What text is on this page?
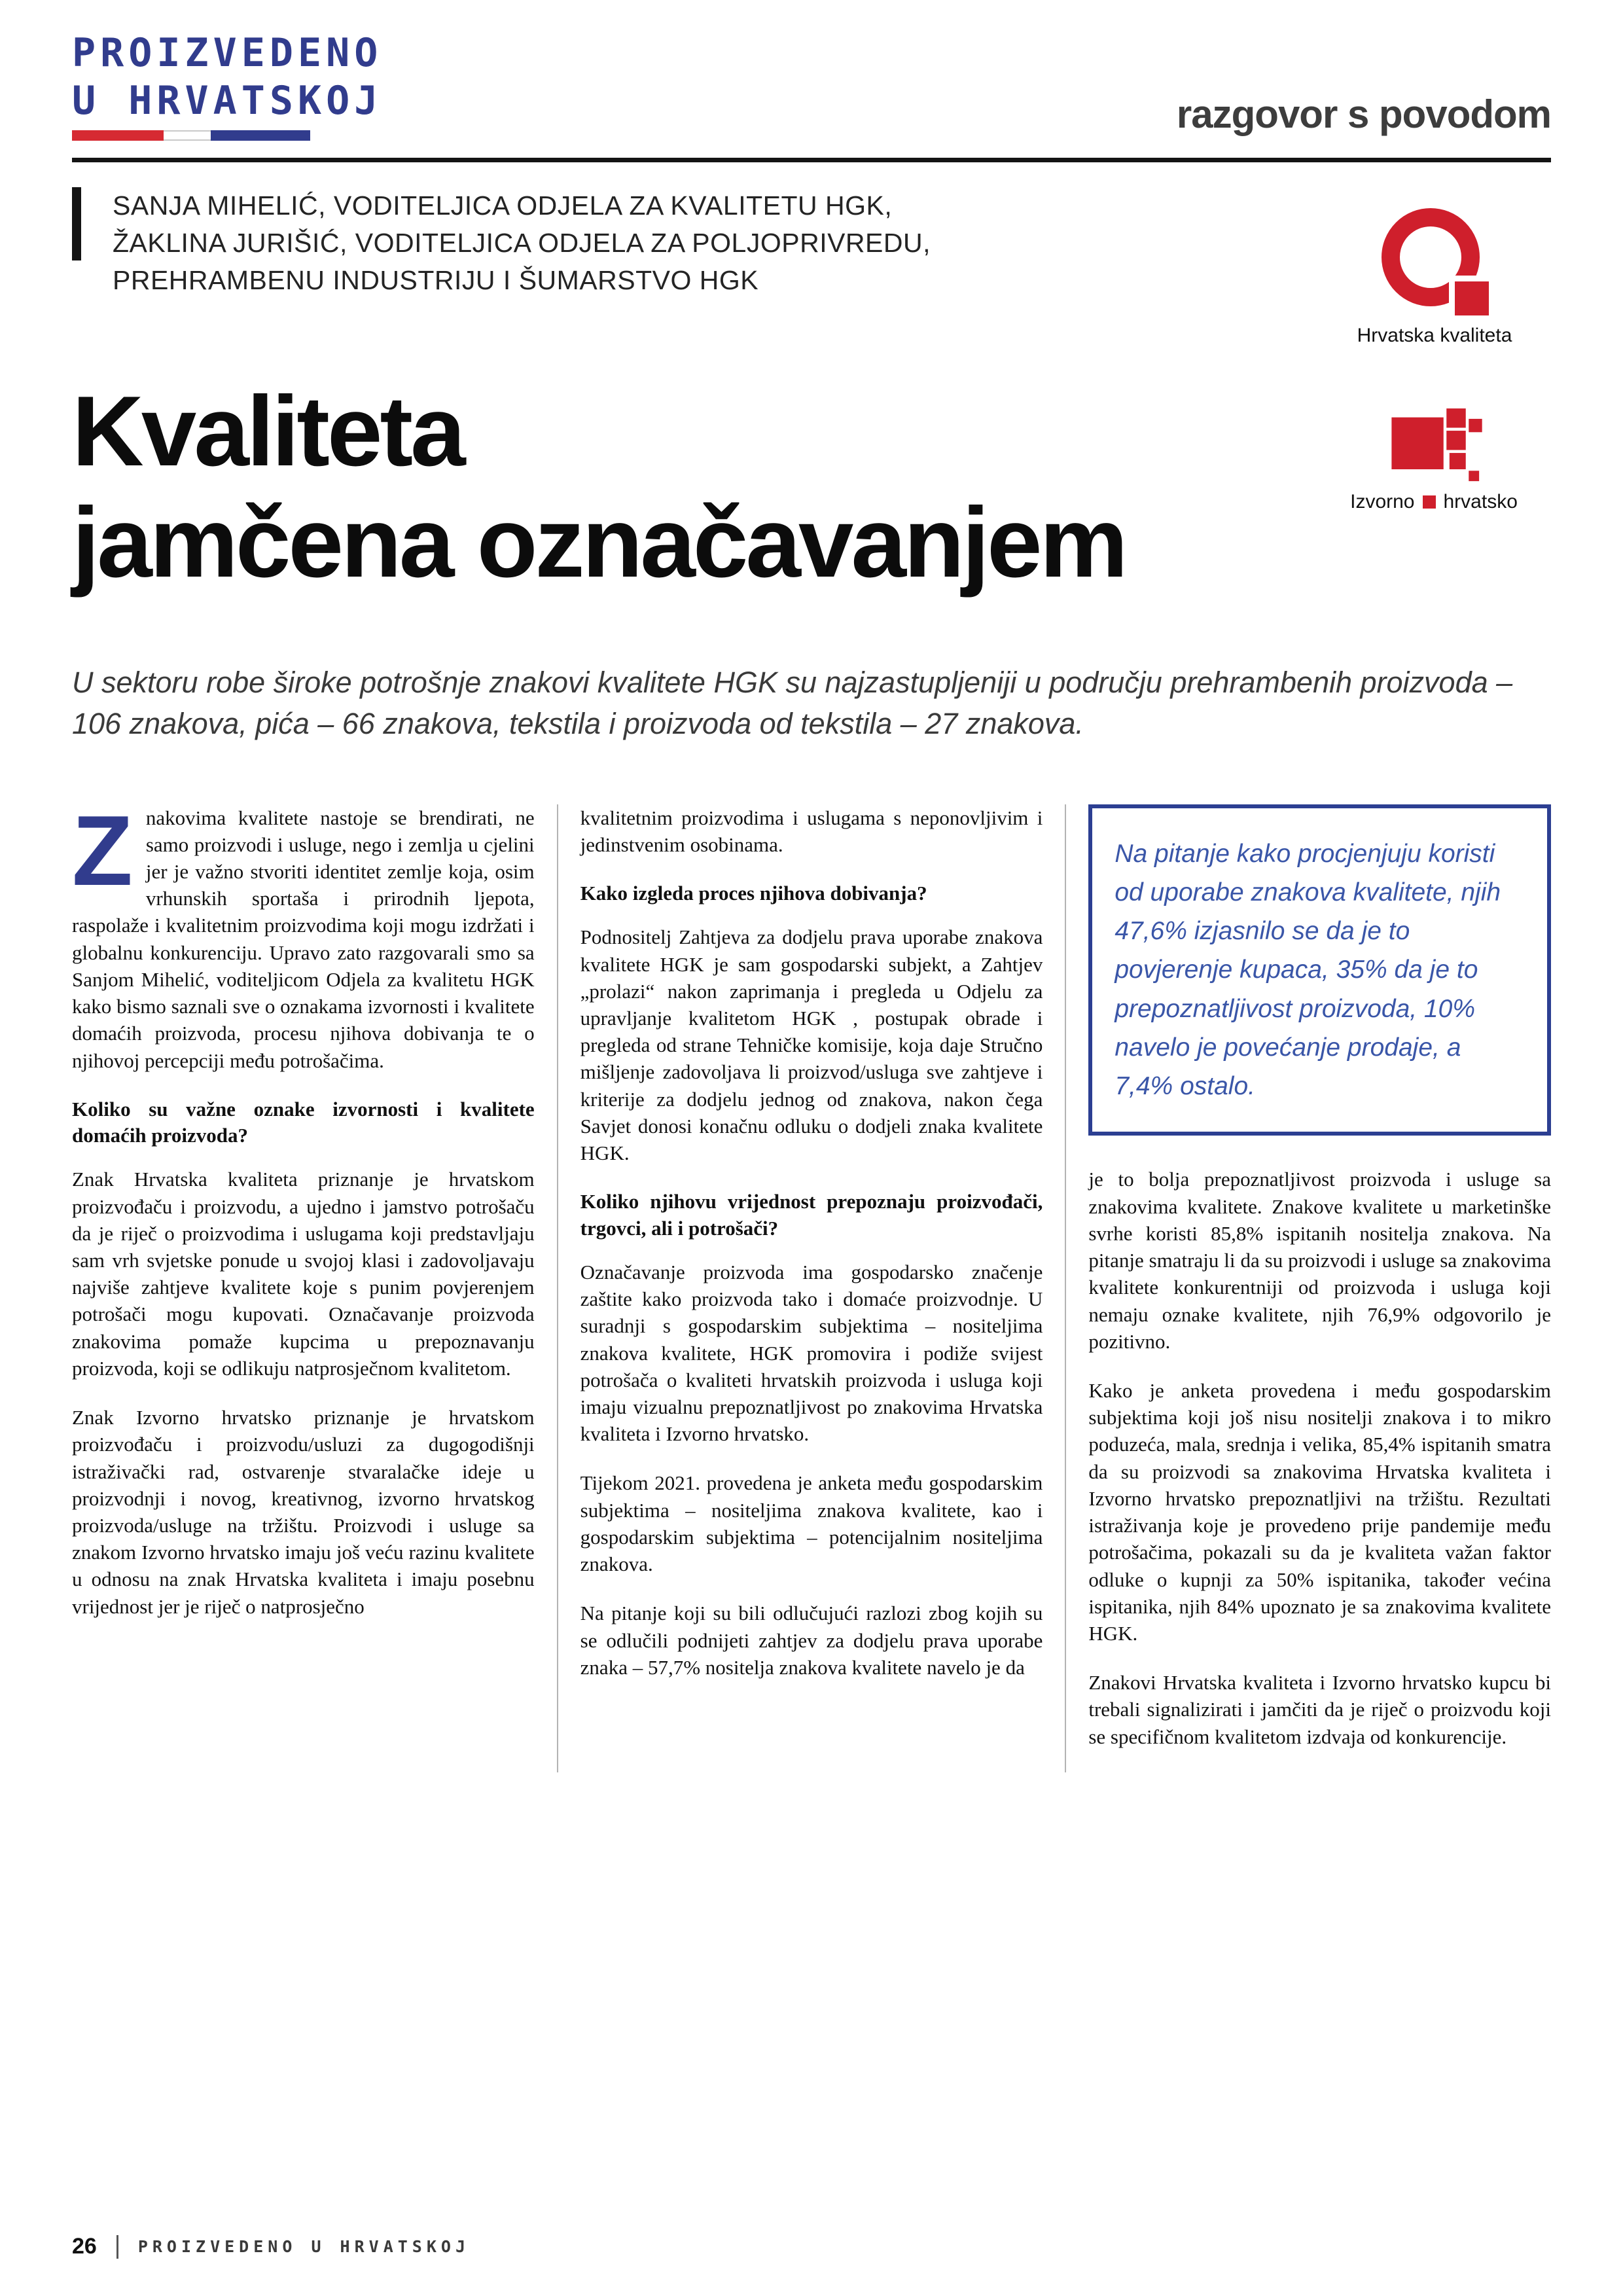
PROIZVEDENO
U HRVATSKOJ	razgovor s povodom
SANJA MIHELIĆ, VODITELJICA ODJELA ZA KVALITETU HGK,
ŽAKLINA JURIŠIĆ, VODITELJICA ODJELA ZA POLJOPRIVREDU,
PREHRAMBENU INDUSTRIJU I ŠUMARSTVO HGK
Hrvatska kvaliteta
Izvorno hrvatsko
Kvaliteta
jamčena označavanjem
U sektoru robe široke potrošnje znakovi kvalitete HGK su najzastupljeniji u području prehrambenih proizvoda – 106 znakova, pića – 66 znakova, tekstila i proizvoda od tekstila – 27 znakova.

Znakovima kvalitete nastoje se brendirati, ne samo proizvodi i usluge, nego i zemlja u cjelini jer je važno stvoriti identitet zemlje koja, osim vrhunskih sportaša i prirodnih ljepota, raspolaže i kvalitetnim proizvodima koji mogu izdržati i globalnu konkurenciju. Upravo zato razgovarali smo sa Sanjom Mihelić, voditeljicom Odjela za kvalitetu HGK kako bismo saznali sve o oznakama izvornosti i kvalitete domaćih proizvoda, procesu njihova dobivanja te o njihovoj percepciji među potrošačima.

Koliko su važne oznake izvornosti i kvalitete domaćih proizvoda?

Znak Hrvatska kvaliteta priznanje je hrvatskom proizvođaču i proizvodu, a ujedno i jamstvo potrošaču da je riječ o proizvodima i uslugama koji predstavljaju sam vrh svjetske ponude u svojoj klasi i zadovoljavaju najviše zahtjeve kvalitete koje s punim povjerenjem potrošači mogu kupovati. Označavanje proizvoda znakovima pomaže kupcima u prepoznavanju proizvoda, koji se odlikuju natprosječnom kvalitetom.

Znak Izvorno hrvatsko priznanje je hrvatskom proizvođaču i proizvodu/usluzi za dugogodišnji istraživački rad, ostvarenje stvaralačke ideje u proizvodnji i novog, kreativnog, izvorno hrvatskog proizvoda/usluge na tržištu. Proizvodi i usluge sa znakom Izvorno hrvatsko imaju još veću razinu kvalitete u odnosu na znak Hrvatska kvaliteta i imaju posebnu vrijednost jer je riječ o natprosječno

kvalitetnim proizvodima i uslugama s neponovljivim i jedinstvenim osobinama.

Kako izgleda proces njihova dobivanja?

Podnositelj Zahtjeva za dodjelu prava uporabe znakova kvalitete HGK je sam gospodarski subjekt, a Zahtjev „prolazi“ nakon zaprimanja i pregleda u Odjelu za upravljanje kvalitetom HGK , postupak obrade i pregleda od strane Tehničke komisije, koja daje Stručno mišljenje zadovoljava li proizvod/usluga sve zahtjeve i kriterije za dodjelu jednog od znakova, nakon čega Savjet donosi konačnu odluku o dodjeli znaka kvalitete HGK.

Koliko njihovu vrijednost prepoznaju proizvođači, trgovci, ali i potrošači?

Označavanje proizvoda ima gospodarsko značenje zaštite kako proizvoda tako i domaće proizvodnje. U suradnji s gospodarskim subjektima – nositeljima znakova kvalitete, HGK promovira i podiže svijest potrošača o kvaliteti hrvatskih proizvoda i usluga koji imaju vizualnu prepoznatljivost po znakovima Hrvatska kvaliteta i Izvorno hrvatsko.

Tijekom 2021. provedena je anketa među gospodarskim subjektima – nositeljima znakova kvalitete, kao i gospodarskim subjektima – potencijalnim nositeljima znakova.

Na pitanje koji su bili odlučujući razlozi zbog kojih su se odlučili podnijeti zahtjev za dodjelu prava uporabe znaka – 57,7% nositelja znakova kvalitete navelo je da

Na pitanje kako procjenjuju koristi od uporabe znakova kvalitete, njih 47,6% izjasnilo se da je to povjerenje kupaca, 35% da je to prepoznatljivost proizvoda, 10% navelo je povećanje prodaje, a 7,4% ostalo.

je to bolja prepoznatljivost proizvoda i usluge sa znakovima kvalitete. Znakove kvalitete u marketinške svrhe koristi 85,8% ispitanih nositelja znakova. Na pitanje smatraju li da su proizvodi i usluge sa znakovima kvalitete konkurentniji od proizvoda i usluga koji nemaju oznake kvalitete, njih 76,9% odgovorilo je pozitivno.

Kako je anketa provedena i među gospodarskim subjektima koji još nisu nositelji znakova i to mikro poduzeća, mala, srednja i velika, 85,4% ispitanih smatra da su proizvodi sa znakovima Hrvatska kvaliteta i Izvorno hrvatsko prepoznatljivi na tržištu. Rezultati istraživanja koje je provedeno prije pandemije među potrošačima, pokazali su da je kvaliteta važan faktor odluke o kupnji za 50% ispitanika, također većina ispitanika, njih 84% upoznato je sa znakovima kvalitete HGK.

Znakovi Hrvatska kvaliteta i Izvorno hrvatsko kupcu bi trebali signalizirati i jamčiti da je riječ o proizvodu koji se specifičnom kvalitetom izdvaja od konkurencije.

26	PROIZVEDENO U HRVATSKOJ
